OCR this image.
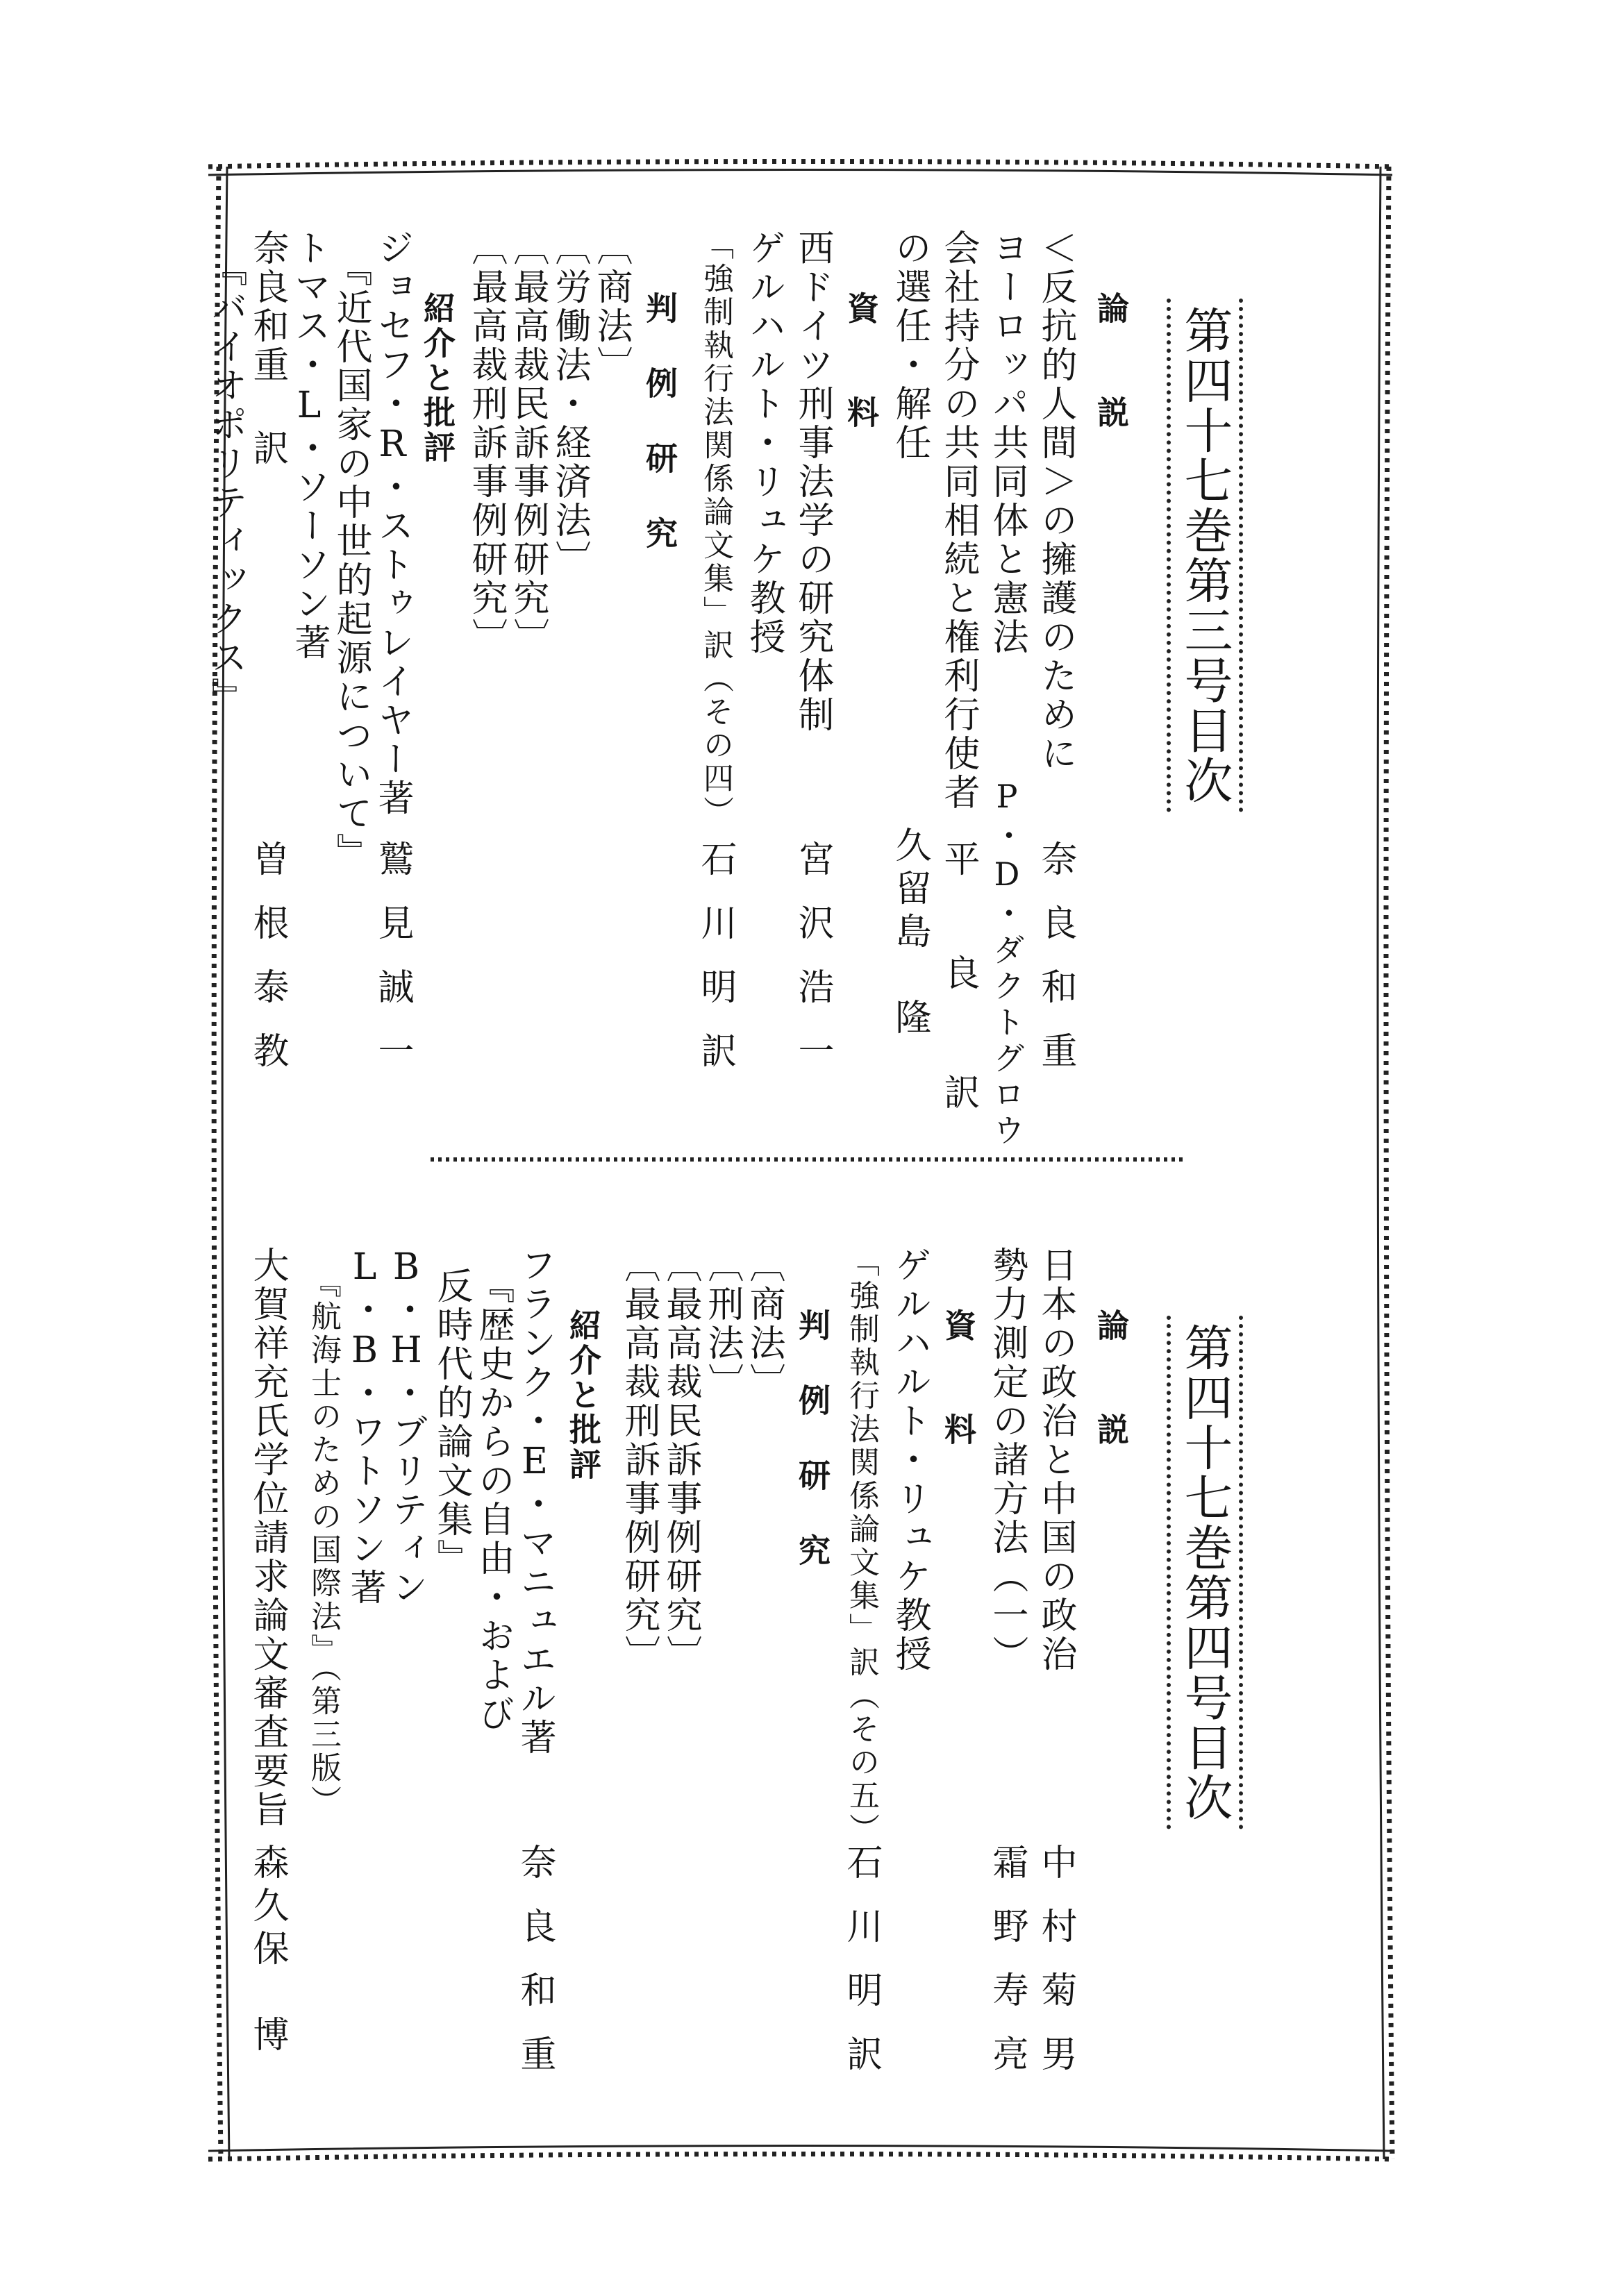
第四十七巻第三号目次
論　　説
＜反抗的人間＞の擁護のために
ヨーロッパ共同体と憲法
会社持分の共同相続と権利行使者
の選任・解任
資　　料
西ドイツ刑事法学の研究体制
ゲルハルト・リュケ教授
「強制執行法関係論文集」訳（その四）
判 例 研 究
〔商法〕
〔労働法・経済法〕
〔最高裁民訴事例研究〕
〔最高裁刑訴事例研究〕
紹介と批評
ジョセフ・R・ストゥレイヤー著
『近代国家の中世的起源について』
トマス・L・ソーソン著
奈良和重 訳
『バイオポリティックス』
奈良和重
P・D・ダクトグロウ
平　良 訳
久留島　隆
宮沢浩一
石川明訳
鷲見誠一
曽根泰教
第四十七巻第四号目次
論　　説
日本の政治と中国の政治
勢力測定の諸方法（一）
資　　料
ゲルハルト・リュケ教授
「強制執行法関係論文集」訳（その五）
判 例 研 究
〔商法〕
〔刑法〕
〔最高裁民訴事例研究〕
〔最高裁刑訴事例研究〕
紹介と批評
フランク・E・マニュエル著
『歴史からの自由・および
反時代的論文集』
B・H・ブリティン
L・B・ワトソン著
『航海士のための国際法』（第三版）
大賀祥充氏学位請求論文審査要旨
中村菊男
霜野寿亮
石川明訳
奈良和重
森久保　博
